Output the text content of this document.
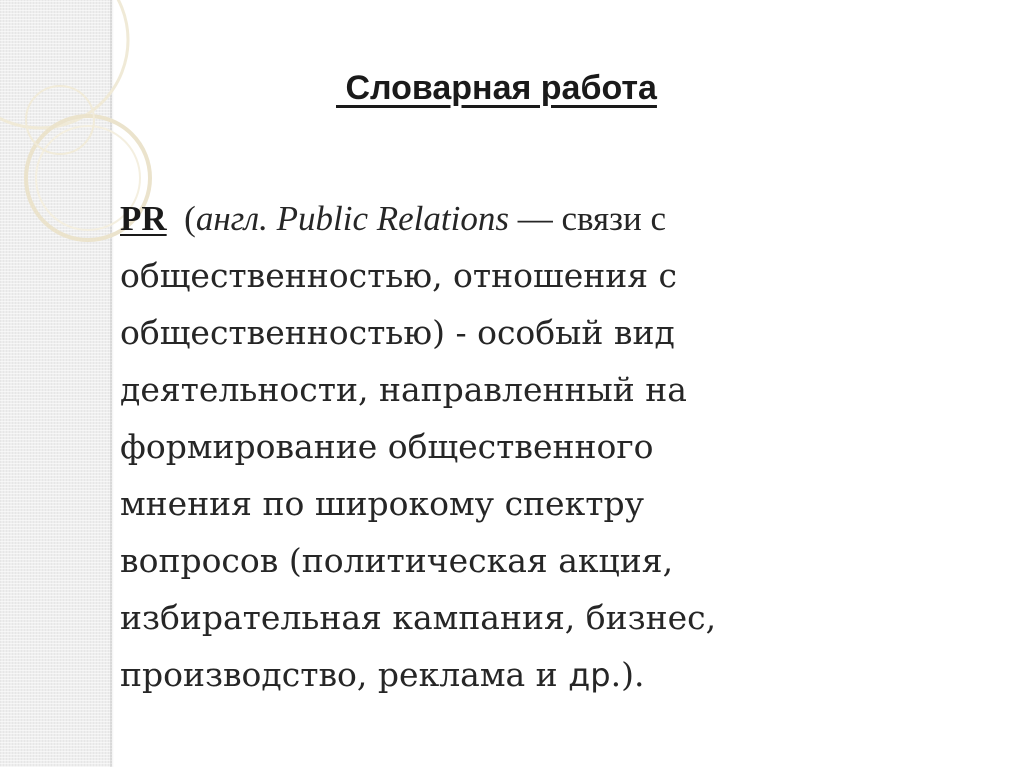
Словарная работа

PR  (англ. Public Relations — связи с
общественностью, отношения с
общественностью) - особый вид
деятельности, направленный на
формирование общественного
мнения по широкому спектру
вопросов (политическая акция,
избирательная кампания, бизнес,
производство, реклама и др.).
